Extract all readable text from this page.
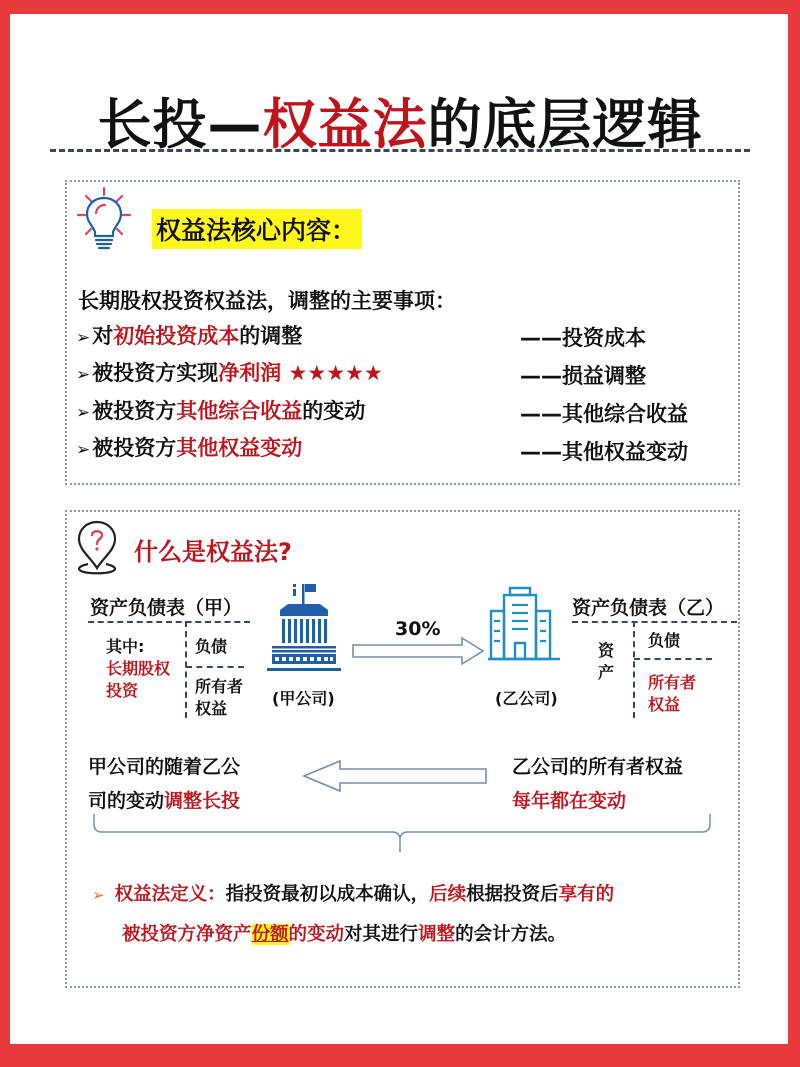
长投—权益法的底层逻辑
权益法核心内容：
长期股权投资权益法，调整的主要事项：
➢对初始投资成本的调整
➢被投资方实现净利润 ★★★★★
➢被投资方其他综合收益的变动
➢被投资方其他权益变动
——投资成本
——损益调整
——其他综合收益
——其他权益变动
什么是权益法?
资产负债表（甲）
其中:
长期股权
投资
负债
所有者
权益
(甲公司)
30%
(乙公司)
资产负债表（乙）
资
产
负债
所有者
权益
甲公司的随着乙公
司的变动调整长投
乙公司的所有者权益
每年都在变动
➢ 权益法定义：指投资最初以成本确认，后续根据投资后享有的
被投资方净资产份额的变动对其进行调整的会计方法。
